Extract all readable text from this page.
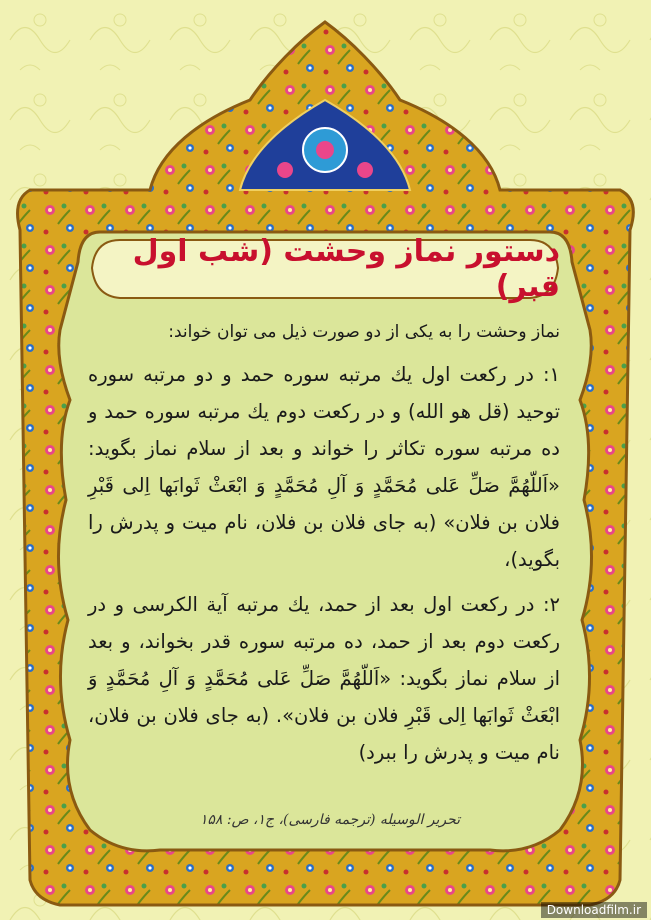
دستور نماز وحشت (شب اول قبر)

نماز وحشت را به یکی از دو صورت ذیل می توان خواند:

۱: در رکعت اول یك مرتبه سوره حمد و دو مرتبه سوره توحید (قل هو الله) و در رکعت دوم یك مرتبه سوره حمد و ده مرتبه سوره تکاثر را خواند و بعد از سلام نماز بگوید: «اَللّهُمَّ صَلِّ عَلی مُحَمَّدٍ وَ آلِ مُحَمَّدٍ وَ ابْعَثْ ثَوابَها اِلی قَبْرِ فلان بن فلان» (به جای فلان بن فلان، نام میت و پدرش را بگوید)،

۲: در رکعت اول بعد از حمد، یك مرتبه آیة الکرسی و در رکعت دوم بعد از حمد، ده مرتبه سوره قدر بخواند، و بعد از سلام نماز بگوید: «اَللّهُمَّ صَلِّ عَلی مُحَمَّدٍ وَ آلِ مُحَمَّدٍ وَ ابْعَثْ ثَوابَها اِلی قَبْرِ فلان بن فلان». (به جای فلان بن فلان، نام میت و پدرش را ببرد)

تحریر الوسیله (ترجمه فارسی)، ج۱، ص: ۱۵۸
Downloadfilm.ir
